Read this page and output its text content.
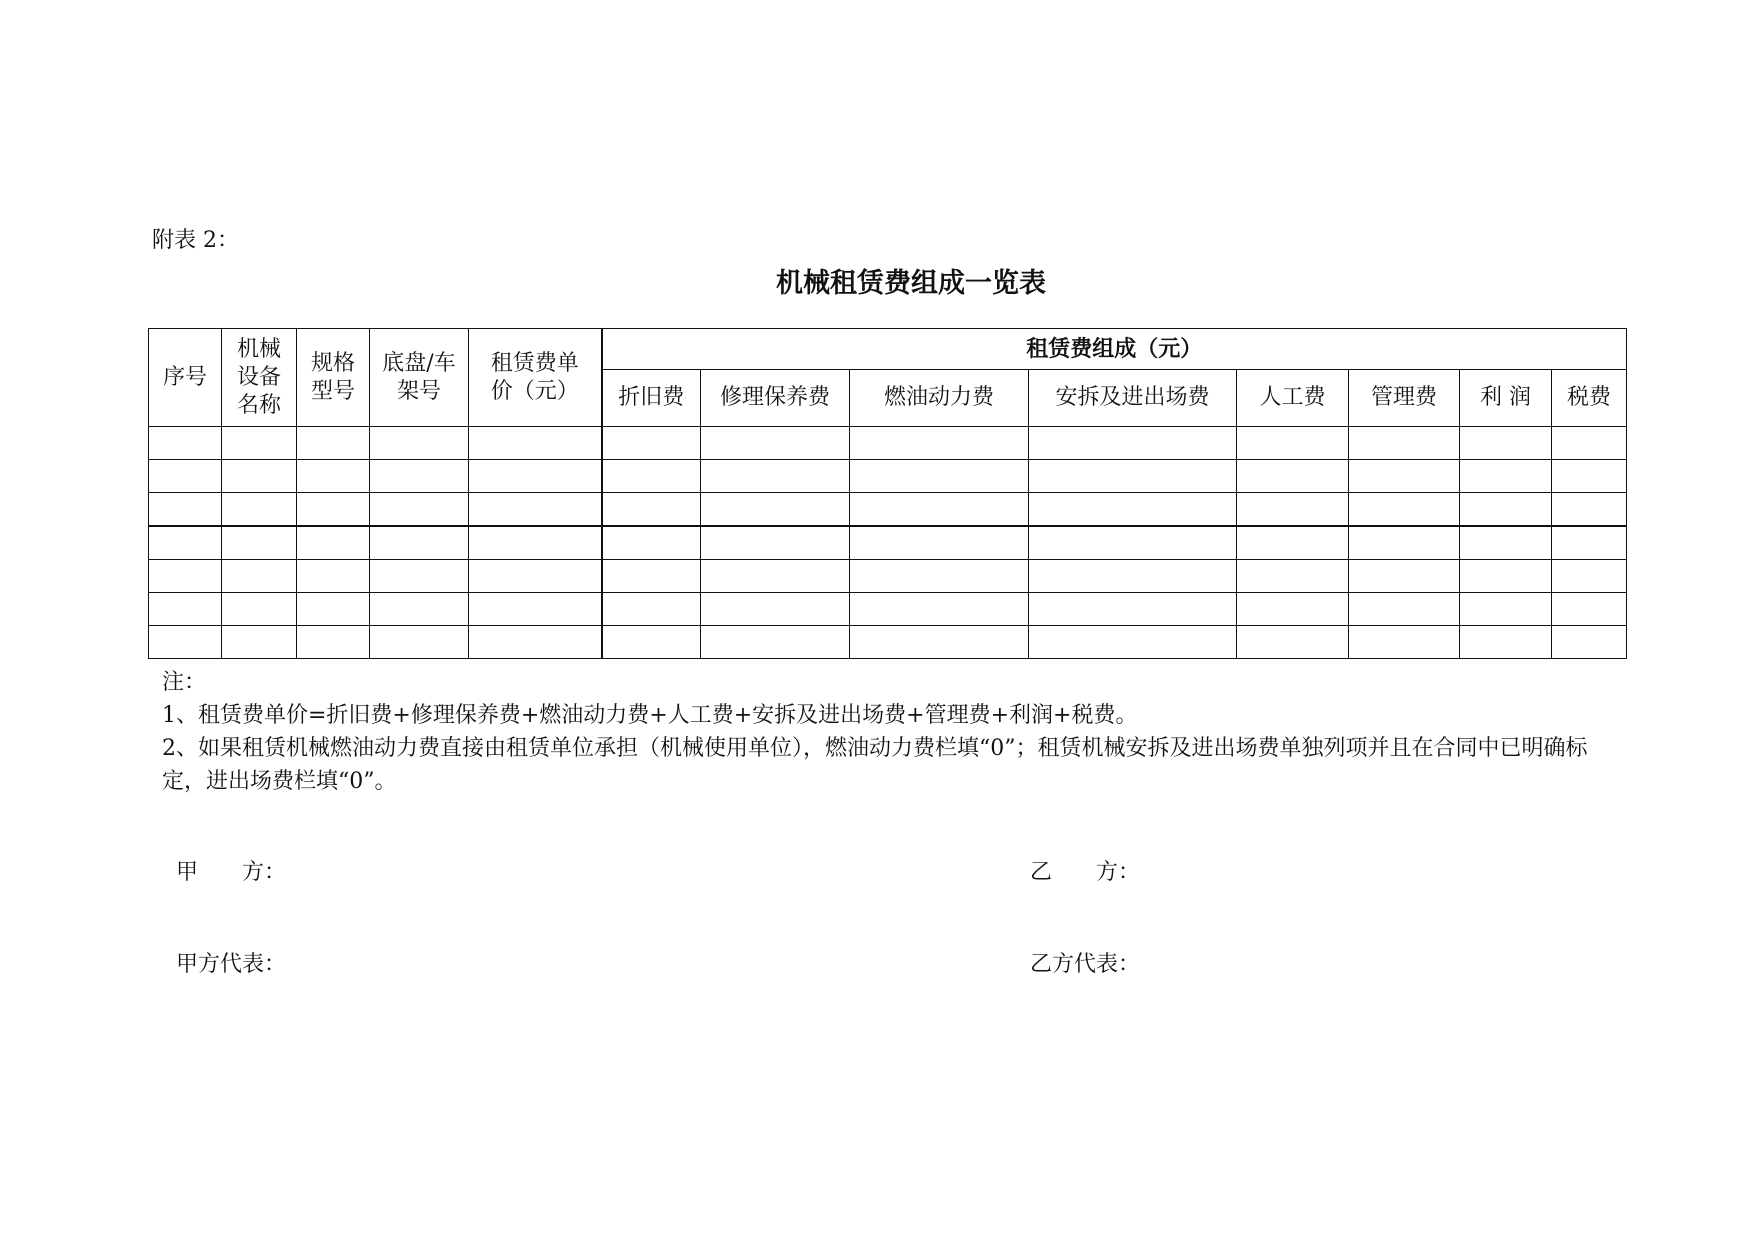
附表 2：
机械租赁费组成一览表
序号	机械设备名称	规格型号	底盘/车架号	租赁费单价（元）	租赁费组成（元）							
					折旧费	修理保养费	燃油动力费	安拆及进出场费	人工费	管理费	利 润	税费

注：

1、租赁费单价=折旧费+修理保养费+燃油动力费+人工费+安拆及进出场费+管理费+利润+税费。

2、如果租赁机械燃油动力费直接由租赁单位承担（机械使用单位），燃油动力费栏填“0”；租赁机械安拆及进出场费单独列项并且在合同中已明确标定，进出场费栏填“0”。

甲　　方：	乙　　方：
甲方代表：	乙方代表：
